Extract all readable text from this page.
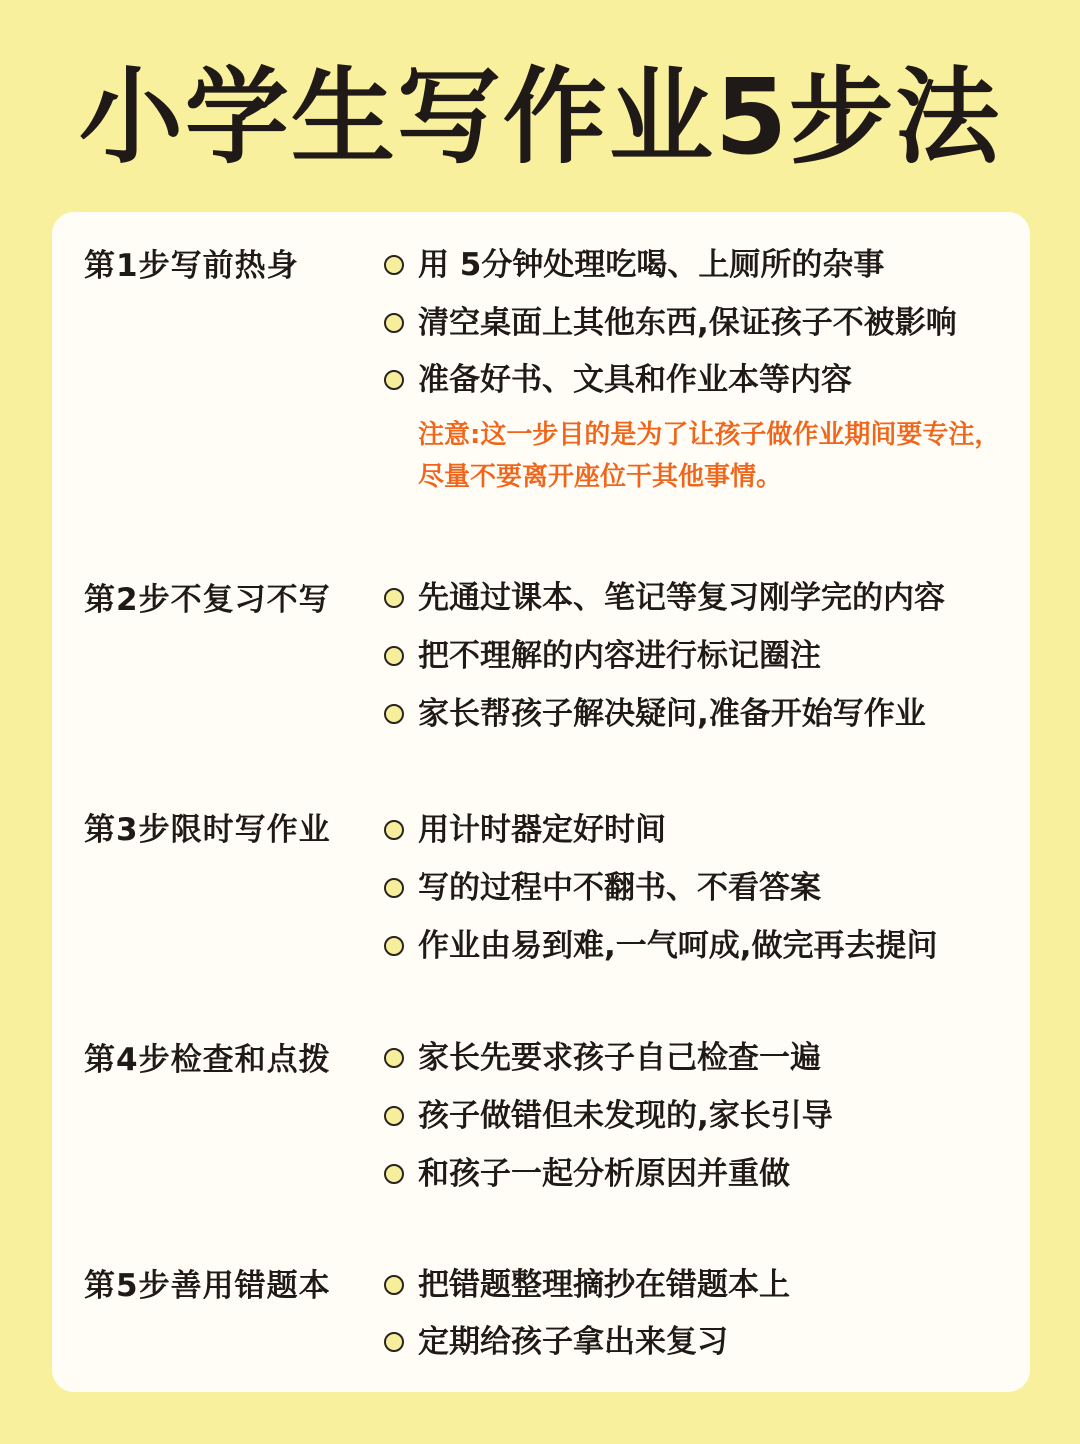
小学生写作业5步法
第1步写前热身	用 5分钟处理吃喝、上厕所的杂事
清空桌面上其他东西,保证孩子不被影响
准备好书、文具和作业本等内容
注意:这一步目的是为了让孩子做作业期间要专注，尽量不要离开座位干其他事情。
第2步不复习不写	先通过课本、笔记等复习刚学完的内容
把不理解的内容进行标记圈注
家长帮孩子解决疑问,准备开始写作业
第3步限时写作业	用计时器定好时间
写的过程中不翻书、不看答案
作业由易到难,一气呵成,做完再去提问
第4步检查和点拨	家长先要求孩子自己检查一遍
孩子做错但未发现的,家长引导
和孩子一起分析原因并重做
第5步善用错题本	把错题整理摘抄在错题本上
定期给孩子拿出来复习
